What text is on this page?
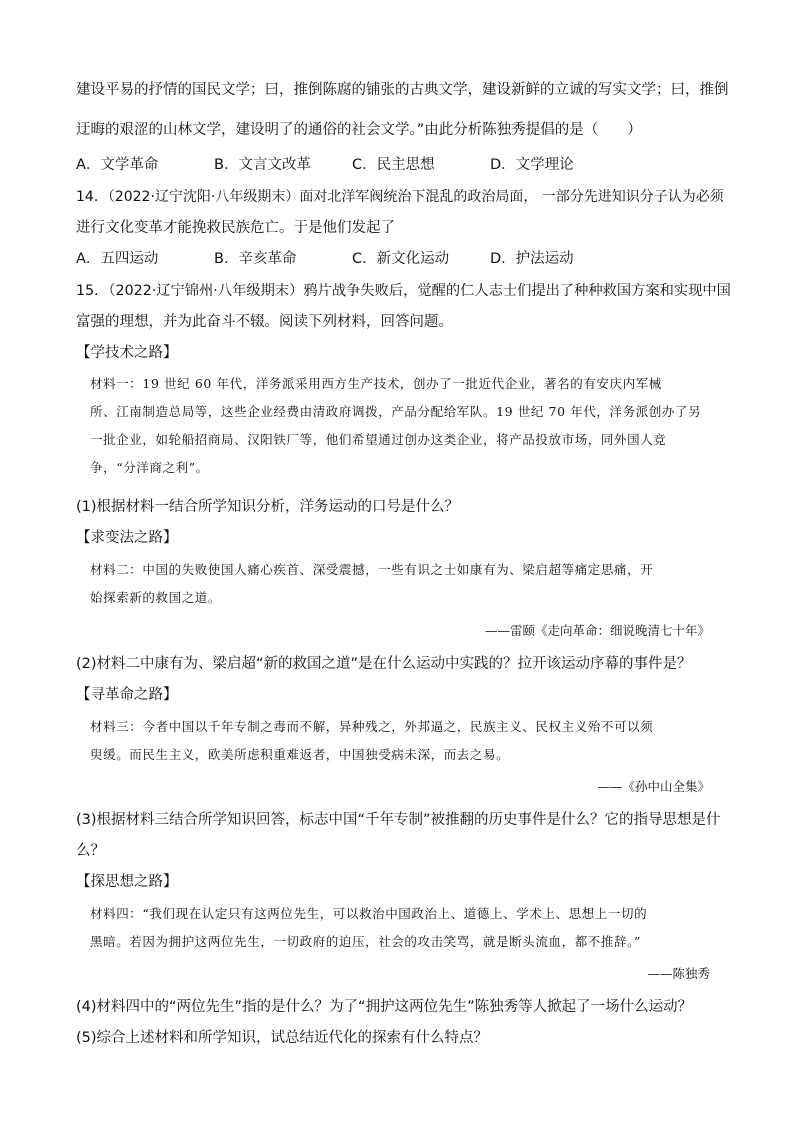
建设平易的抒情的国民文学；曰，推倒陈腐的铺张的古典文学，建设新鲜的立诚的写实文学；曰，推倒
迂晦的艰涩的山林文学，建设明了的通俗的社会文学。”由此分析陈独秀提倡的是（　　）
A．文学革命	B．文言文改革	C．民主思想	D．文学理论
14．（2022·辽宁沈阳·八年级期末）面对北洋军阀统治下混乱的政治局面， 一部分先进知识分子认为必须
进行文化变革才能挽救民族危亡。于是他们发起了
A．五四运动	B．辛亥革命	C．新文化运动	D．护法运动
15．（2022·辽宁锦州·八年级期末）鸦片战争失败后，觉醒的仁人志士们提出了种种救国方案和实现中国
富强的理想，并为此奋斗不辍。阅读下列材料，回答问题。
【学技术之路】
材料一：19 世纪 60 年代，洋务派采用西方生产技术，创办了一批近代企业，著名的有安庆内军械
所、江南制造总局等，这些企业经费由清政府调拨，产品分配给军队。19 世纪 70 年代，洋务派创办了另
一批企业，如轮船招商局、汉阳铁厂等，他们希望通过创办这类企业，将产品投放市场，同外国人竞
争，“分洋商之利”。
(1)根据材料一结合所学知识分析，洋务运动的口号是什么？
【求变法之路】
材料二：中国的失败使国人痛心疾首、深受震撼，一些有识之士如康有为、梁启超等痛定思痛，开
始探索新的救国之道。
——雷颐《走向革命：细说晚清七十年》
(2)材料二中康有为、梁启超“新的救国之道”是在什么运动中实践的？拉开该运动序幕的事件是？
【寻革命之路】
材料三：今者中国以千年专制之毒而不解，异种残之，外邦逼之，民族主义、民权主义殆不可以须
臾缓。而民生主义，欧美所虑积重难返者，中国独受病未深，而去之易。
——《孙中山全集》
(3)根据材料三结合所学知识回答，标志中国“千年专制”被推翻的历史事件是什么？它的指导思想是什
么？
【探思想之路】
材料四：“我们现在认定只有这两位先生，可以救治中国政治上、道德上、学术上、思想上一切的
黑暗。若因为拥护这两位先生，一切政府的迫压，社会的攻击笑骂，就是断头流血，都不推辞。”
——陈独秀
(4)材料四中的“两位先生”指的是什么？为了“拥护这两位先生”陈独秀等人掀起了一场什么运动？
(5)综合上述材料和所学知识，试总结近代化的探索有什么特点？
